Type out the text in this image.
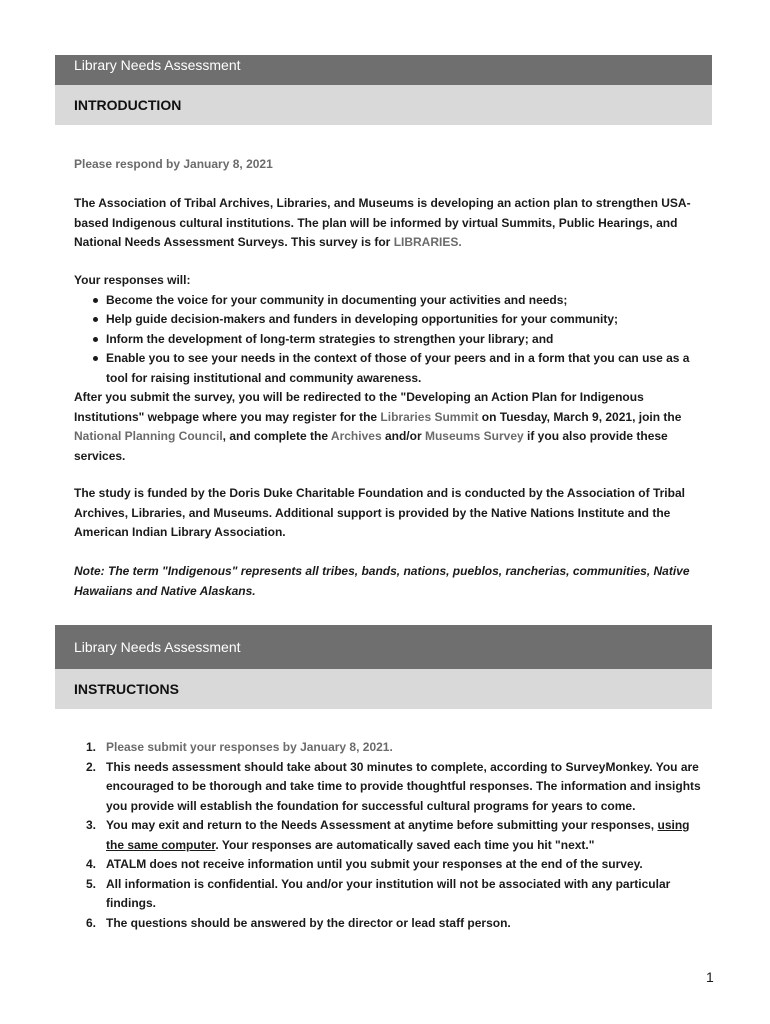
Library Needs Assessment
INTRODUCTION

Please respond by January 8, 2021

The Association of Tribal Archives, Libraries, and Museums is developing an action plan to strengthen USA-based Indigenous cultural institutions. The plan will be informed by virtual Summits, Public Hearings, and National Needs Assessment Surveys. This survey is for LIBRARIES.

Your responses will:

Become the voice for your community in documenting your activities and needs;
Help guide decision-makers and funders in developing opportunities for your community;
Inform the development of long-term strategies to strengthen your library; and
Enable you to see your needs in the context of those of your peers and in a form that you can use as a tool for raising institutional and community awareness.

After you submit the survey, you will be redirected to the "Developing an Action Plan for Indigenous Institutions" webpage where you may register for the Libraries Summit on Tuesday, March 9, 2021, join the National Planning Council, and complete the Archives and/or Museums Survey if you also provide these services.

The study is funded by the Doris Duke Charitable Foundation and is conducted by the Association of Tribal Archives, Libraries, and Museums. Additional support is provided by the Native Nations Institute and the American Indian Library Association.

Note: The term "Indigenous" represents all tribes, bands, nations, pueblos, rancherias, communities, Native Hawaiians and Native Alaskans.

Library Needs Assessment
INSTRUCTIONS
1. Please submit your responses by January 8, 2021.
2. This needs assessment should take about 30 minutes to complete, according to SurveyMonkey. You are encouraged to be thorough and take time to provide thoughtful responses. The information and insights you provide will establish the foundation for successful cultural programs for years to come.
3. You may exit and return to the Needs Assessment at anytime before submitting your responses, using the same computer. Your responses are automatically saved each time you hit "next."
4. ATALM does not receive information until you submit your responses at the end of the survey.
5. All information is confidential. You and/or your institution will not be associated with any particular findings.
6. The questions should be answered by the director or lead staff person.
1
